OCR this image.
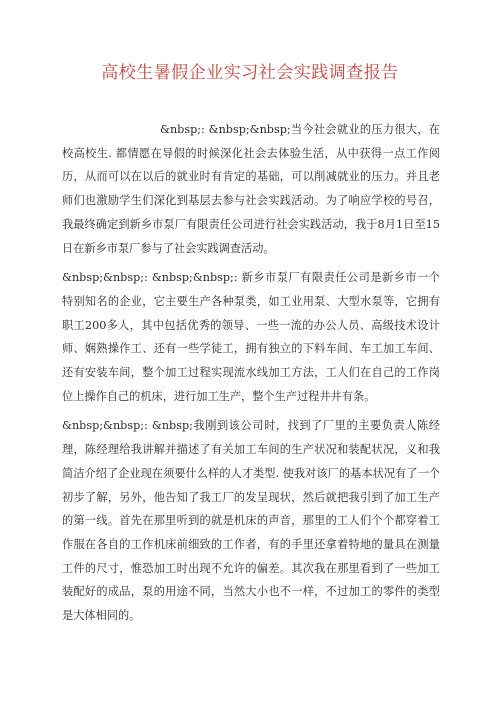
高校生暑假企业实习社会实践调查报告

&nbsp;: &nbsp;&nbsp;当今社会就业的压力很大，在校高校生. 都情愿在导假的时候深化社会去体验生活，从中获得一点工作阅历，从而可以在以后的就业时有肯定的基础，可以削减就业的压力。并且老师们也激励学生们深化到基层去参与社会实践活动。为了响应学校的号召，我最终确定到新乡市泵厂有限责任公司进行社会实践活动，我于8月1日至15日在新乡市泵厂参与了社会实践调查活动。

&nbsp;&nbsp;: &nbsp;&nbsp;: 新乡市泵厂有限责任公司是新乡市一个特别知名的企业，它主要生产各种泵类，如工业用泵、大型水泵等，它拥有职工200多人，其中包括优秀的领导、一些一流的办公人员、高级技术设计师、娴熟操作工、还有一些学徒工，拥有独立的下料车间、车工加工车间、还有安装车间，整个加工过程实现流水线加工方法，工人们在自己的工作岗位上操作自己的机床，进行加工生产，整个生产过程井井有条。

&nbsp;&nbsp;: &nbsp;我刚到该公司时，找到了厂里的主要负责人陈经理，陈经理给我讲解并描述了有关加工车间的生产状况和装配状况，义和我简洁介绍了企业现在须要什么样的人才类型. 使我对该厂的基本状况有了一个初步了解，另外，他告知了我工厂的发呈现状，然后就把我引到了加工生产的第一线。首先在那里听到的就是机床的声音，那里的工人们个个都穿着工作服在各自的工作机床前细致的工作者，有的手里还拿着特地的量具在测量工件的尺寸，惟恐加工时出现不允许的偏差。其次我在那里看到了一些加工装配好的成品，泵的用途不同，当然大小也不一样，不过加工的零件的类型是大体相同的。
